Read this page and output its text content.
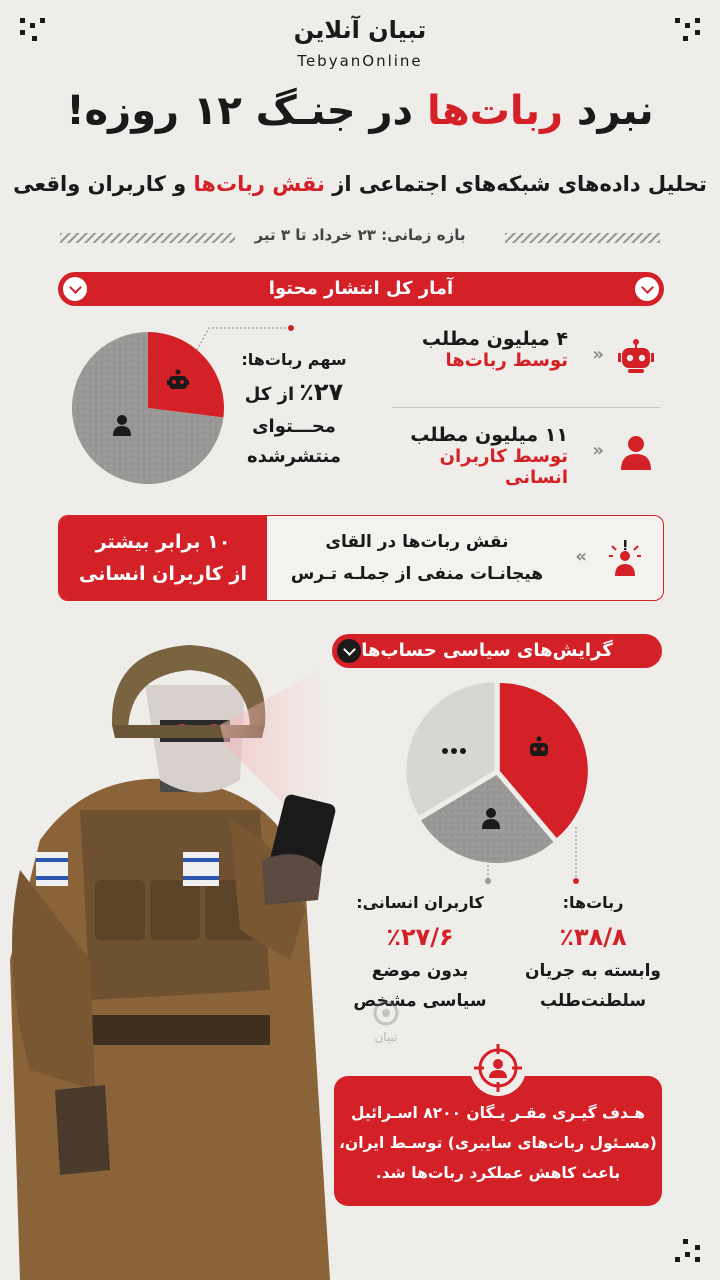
تبیان آنلاین
TebyanOnline
نبرد ربات‌ها در جنـگ ۱۲ روزه!
تحلیل داده‌های شبکه‌های اجتماعی از نقش ربات‌ها و کاربران واقعی
بازه زمانی: ۲۳ خرداد تا ۳ تیر
آمار کل انتشار محتوا
سهم ربات‌ها:
٪۲۷ از کل
محـــتوای
منتشرشده
«
۴ میلیون مطلب
توسط ربات‌ها
«
۱۱ میلیون مطلب
توسط کاربران انسانی
۱۰ برابر بیشتر
از کاربران انسانی
«
نقش ربات‌ها در القای
هیجانـات منفی از جملـه تـرس
گرایش‌های سیاسی حساب‌ها
ربات‌ها:
٪۳۸/۸
وابسته به جریان
سلطنت‌طلب
کاربران انسانی:
٪۲۷/۶
بدون موضع
سیاسی مشخص
تبیان
هـدف گیـری مقـر یـگان ۸۲۰۰ اسـرائیل
(مسـئول ربات‌های سایبری) توسـط ایران،
باعث کاهش عملکرد ربات‌ها شد.
